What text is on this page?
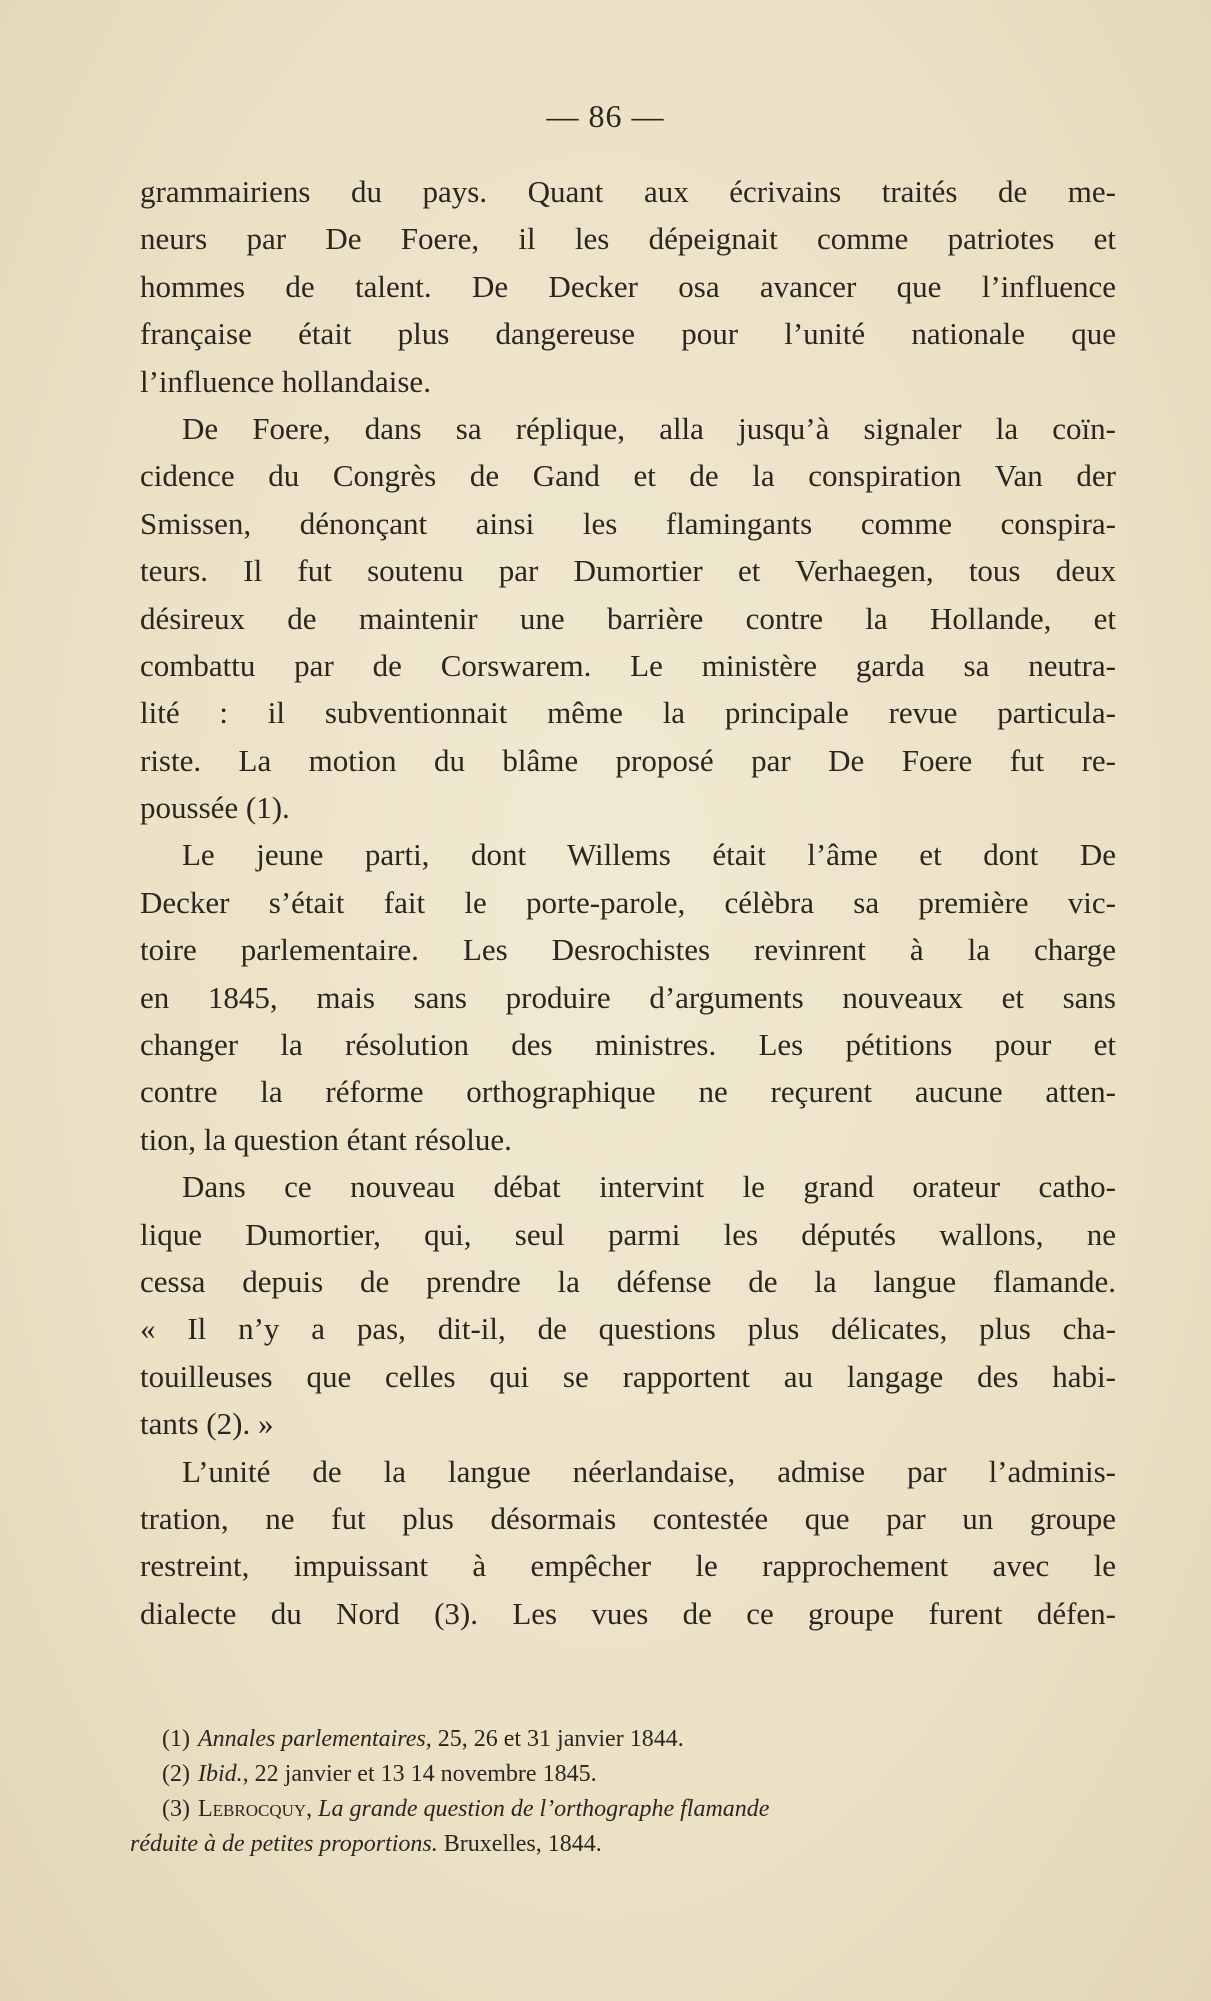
— 86 —
grammairiens du pays. Quant aux écrivains traités de me-
neurs par De Foere, il les dépeignait comme patriotes et
hommes de talent. De Decker osa avancer que l’influence
française était plus dangereuse pour l’unité nationale que
l’influence hollandaise.
De Foere, dans sa réplique, alla jusqu’à signaler la coïn-
cidence du Congrès de Gand et de la conspiration Van der
Smissen, dénonçant ainsi les flamingants comme conspira-
teurs. Il fut soutenu par Dumortier et Verhaegen, tous deux
désireux de maintenir une barrière contre la Hollande, et
combattu par de Corswarem. Le ministère garda sa neutra-
lité : il subventionnait même la principale revue particula-
riste. La motion du blâme proposé par De Foere fut re-
poussée (1).
Le jeune parti, dont Willems était l’âme et dont De
Decker s’était fait le porte-parole, célèbra sa première vic-
toire parlementaire. Les Desrochistes revinrent à la charge
en 1845, mais sans produire d’arguments nouveaux et sans
changer la résolution des ministres. Les pétitions pour et
contre la réforme orthographique ne reçurent aucune atten-
tion, la question étant résolue.
Dans ce nouveau débat intervint le grand orateur catho-
lique Dumortier, qui, seul parmi les députés wallons, ne
cessa depuis de prendre la défense de la langue flamande.
« Il n’y a pas, dit-il, de questions plus délicates, plus cha-
touilleuses que celles qui se rapportent au langage des habi-
tants (2). »
L’unité de la langue néerlandaise, admise par l’adminis-
tration, ne fut plus désormais contestée que par un groupe
restreint, impuissant à empêcher le rapprochement avec le
dialecte du Nord (3). Les vues de ce groupe furent défen-
(1) Annales parlementaires, 25, 26 et 31 janvier 1844.
(2) Ibid., 22 janvier et 13 14 novembre 1845.
(3) Lebrocquy, La grande question de l’orthographe flamande
réduite à de petites proportions. Bruxelles, 1844.
